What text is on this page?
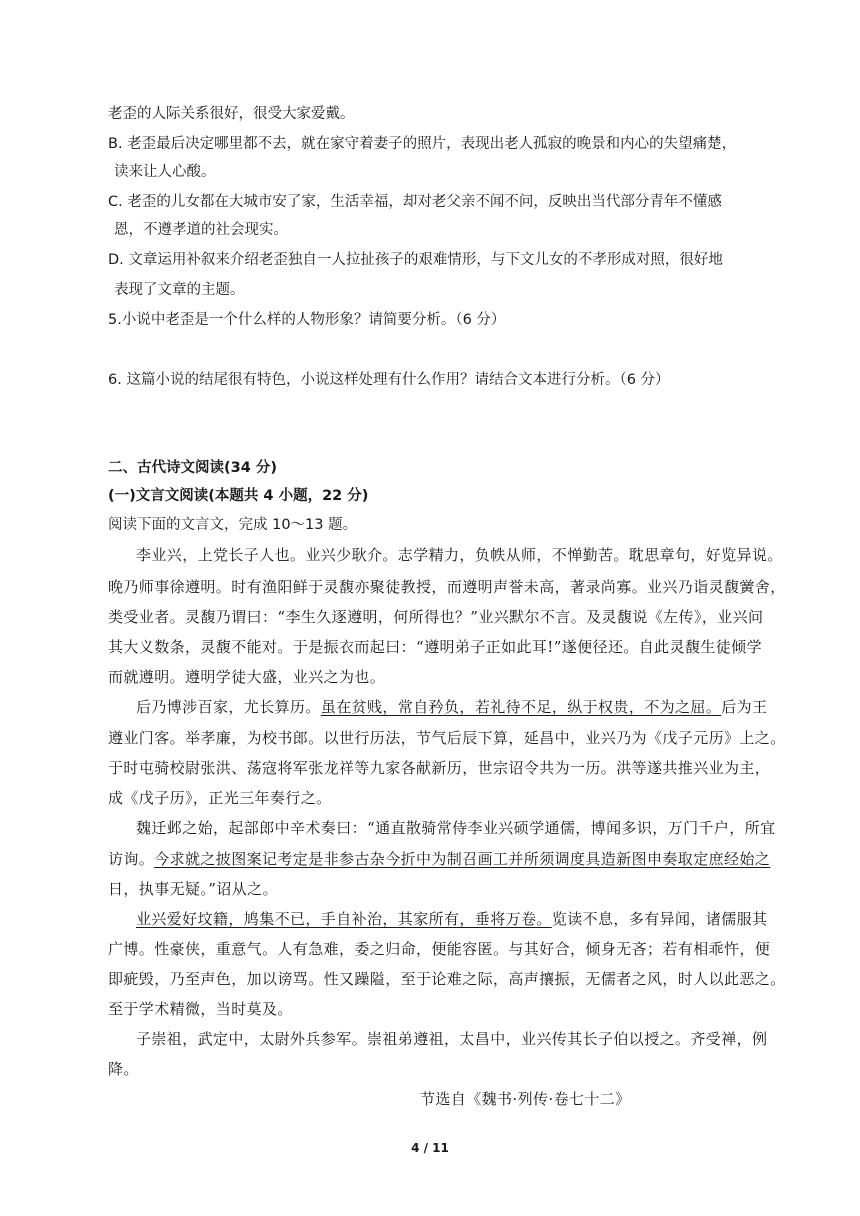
老歪的人际关系很好，很受大家爱戴。
B. 老歪最后决定哪里都不去，就在家守着妻子的照片，表现出老人孤寂的晚景和内心的失望痛楚，
读来让人心酸。
C. 老歪的儿女都在大城市安了家，生活幸福，却对老父亲不闻不问，反映出当代部分青年不懂感
恩，不遵孝道的社会现实。
D. 文章运用补叙来介绍老歪独自一人拉扯孩子的艰难情形，与下文儿女的不孝形成对照，很好地
表现了文章的主题。
5.小说中老歪是一个什么样的人物形象？请简要分析。（6 分）
6. 这篇小说的结尾很有特色，小说这样处理有什么作用？请结合文本进行分析。（6 分）
二、古代诗文阅读(34 分)
(一)文言文阅读(本题共 4 小题，22 分)
阅读下面的文言文，完成 10～13 题。
李业兴，上党长子人也。业兴少耿介。志学精力，负帙从师，不惮勤苦。耽思章句，好览异说。
晚乃师事徐遵明。时有渔阳鲜于灵馥亦聚徒教授，而遵明声誉未高，著录尚寡。业兴乃诣灵馥黉舍，
类受业者。灵馥乃谓曰：“李生久逐遵明，何所得也？”业兴默尔不言。及灵馥说《左传》，业兴问
其大义数条，灵馥不能对。于是振衣而起曰：“遵明弟子正如此耳!”遂便径还。自此灵馥生徒倾学
而就遵明。遵明学徒大盛，业兴之为也。
后乃博涉百家，尤长算历。虽在贫贱，常自矜负，若礼待不足，纵于权贵，不为之屈。后为王
遵业门客。举孝廉，为校书郎。以世行历法，节气后辰下算，延昌中，业兴乃为《戊子元历》上之。
于时屯骑校尉张洪、荡寇将军张龙祥等九家各献新历，世宗诏令共为一历。洪等遂共推兴业为主，
成《戊子历》，正光三年奏行之。
魏迁邺之始，起部郎中辛术奏曰：“通直散骑常侍李业兴硕学通儒，博闻多识，万门千户，所宜
访询。今求就之披图案记考定是非参古杂今折中为制召画工并所须调度具造新图申奏取定庶经始之
日，执事无疑。”诏从之。
业兴爱好坟籍，鸠集不已，手自补治，其家所有，垂将万卷。览读不息，多有异闻，诸儒服其
广博。性豪侠，重意气。人有急难，委之归命，便能容匿。与其好合，倾身无吝；若有相乖忤，便
即疵毁，乃至声色，加以谤骂。性又躁隘，至于论难之际，高声攘振，无儒者之风，时人以此恶之。
至于学术精微，当时莫及。
子崇祖，武定中，太尉外兵参军。崇祖弟遵祖，太昌中，业兴传其长子伯以授之。齐受禅，例
降。
节选自《魏书·列传·卷七十二》
4 / 11
